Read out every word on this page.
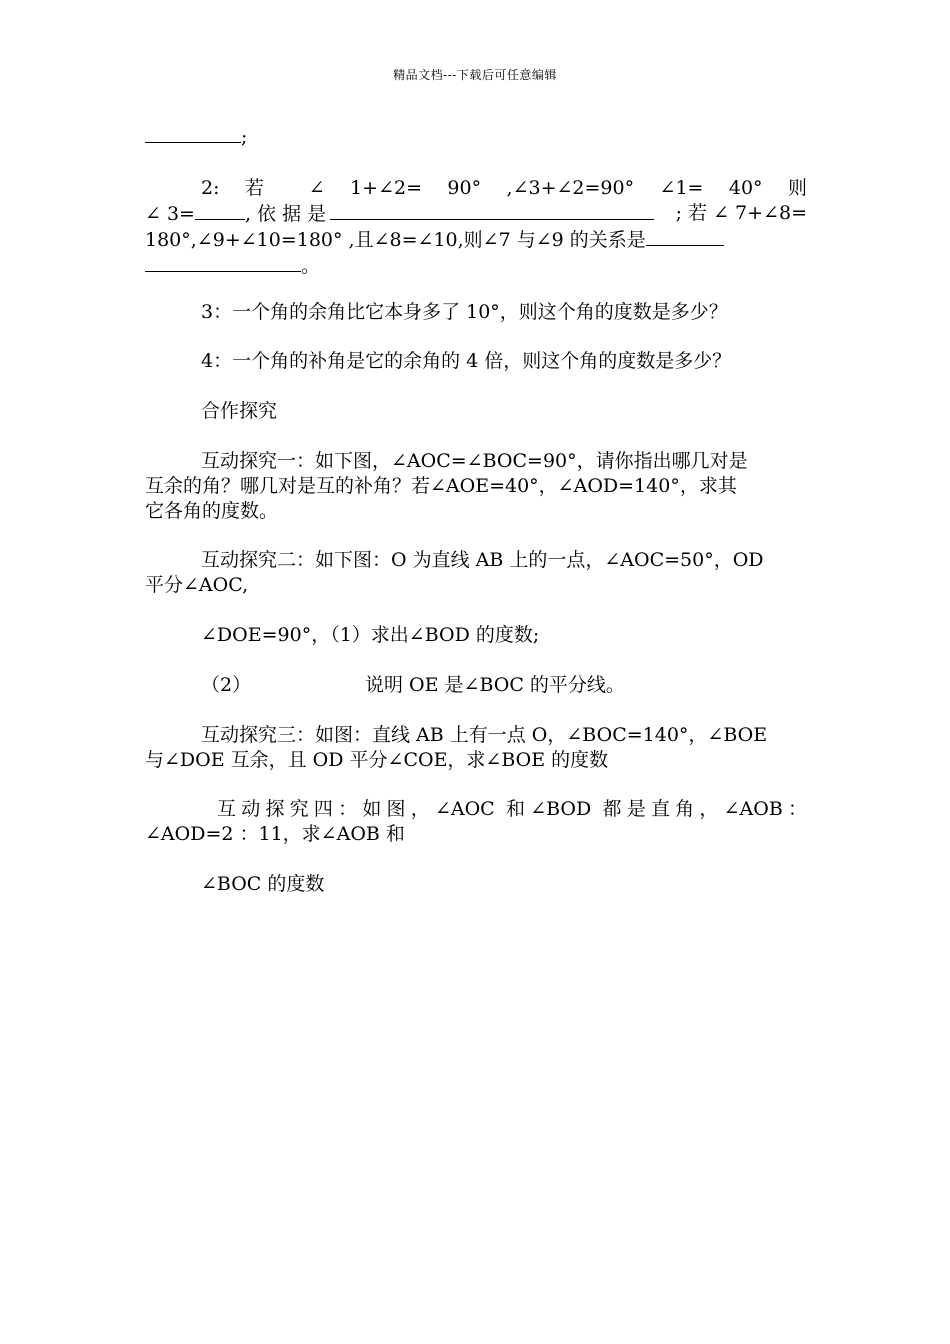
精品文档---下载后可任意编辑

;

2: 若 ∠ 1+∠2= 90° ,∠3+∠2=90° ∠1= 40° 则

∠ 3=	, 依 据 是	; 若 ∠ 7+∠8=

180°,∠9+∠10=180° ,且∠8=∠10,则∠7 与∠9 的关系是

。

3：一个角的余角比它本身多了 10°，则这个角的度数是多少？

4：一个角的补角是它的余角的 4 倍，则这个角的度数是多少？

合作探究

互动探究一：如下图，∠AOC=∠BOC=90°，请你指出哪几对是

互余的角？哪几对是互的补角？若∠AOE=40°，∠AOD=140°，求其

它各角的度数。

互动探究二：如下图：O 为直线 AB 上的一点，∠AOC=50°，OD

平分∠AOC,

∠DOE=90°，（1）求出∠BOD 的度数;

（2）	说明 OE 是∠BOC 的平分线。

互动探究三：如图：直线 AB 上有一点 O，∠BOC=140°，∠BOE

与∠DOE 互余，且 OD 平分∠COE，求∠BOE 的度数

互动探究四：如图，∠AOC 和∠BOD 都是直角，∠AOB：

∠AOD=2 ：11，求∠AOB 和

∠BOC 的度数
